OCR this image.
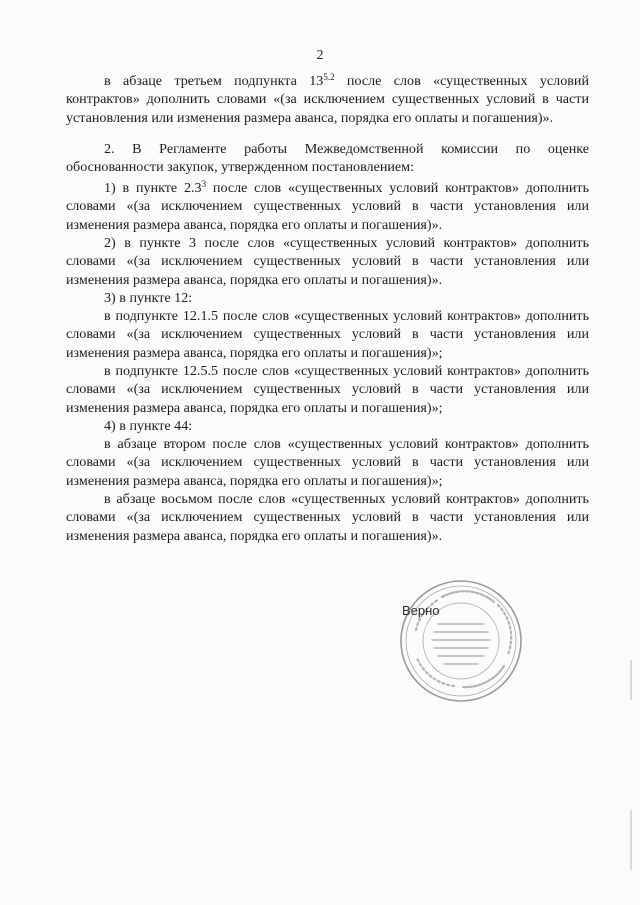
2

в абзаце третьем подпункта $13^{5.2}$ после слов «существенных условий контрактов» дополнить словами «(за исключением существенных условий в части установления или изменения размера аванса, порядка его оплаты и погашения)».

2. В Регламенте работы Межведомственной комиссии по оценке обоснованности закупок, утвержденном постановлением:

1) в пункте $2.3^3$ после слов «существенных условий контрактов» дополнить словами «(за исключением существенных условий в части установления или изменения размера аванса, порядка его оплаты и погашения)».

2) в пункте 3 после слов «существенных условий контрактов» дополнить словами «(за исключением существенных условий в части установления или изменения размера аванса, порядка его оплаты и погашения)».

3) в пункте 12:

в подпункте 12.1.5 после слов «существенных условий контрактов» дополнить словами «(за исключением существенных условий в части установления или изменения размера аванса, порядка его оплаты и погашения)»;

в подпункте 12.5.5 после слов «существенных условий контрактов» дополнить словами «(за исключением существенных условий в части установления или изменения размера аванса, порядка его оплаты и погашения)»;

4) в пункте 44:

в абзаце втором после слов «существенных условий контрактов» дополнить словами «(за исключением существенных условий в части установления или изменения размера аванса, порядка его оплаты и погашения)»;

в абзаце восьмом после слов «существенных условий контрактов» дополнить словами «(за исключением существенных условий в части установления или изменения размера аванса, порядка его оплаты и погашения)».

Верно
